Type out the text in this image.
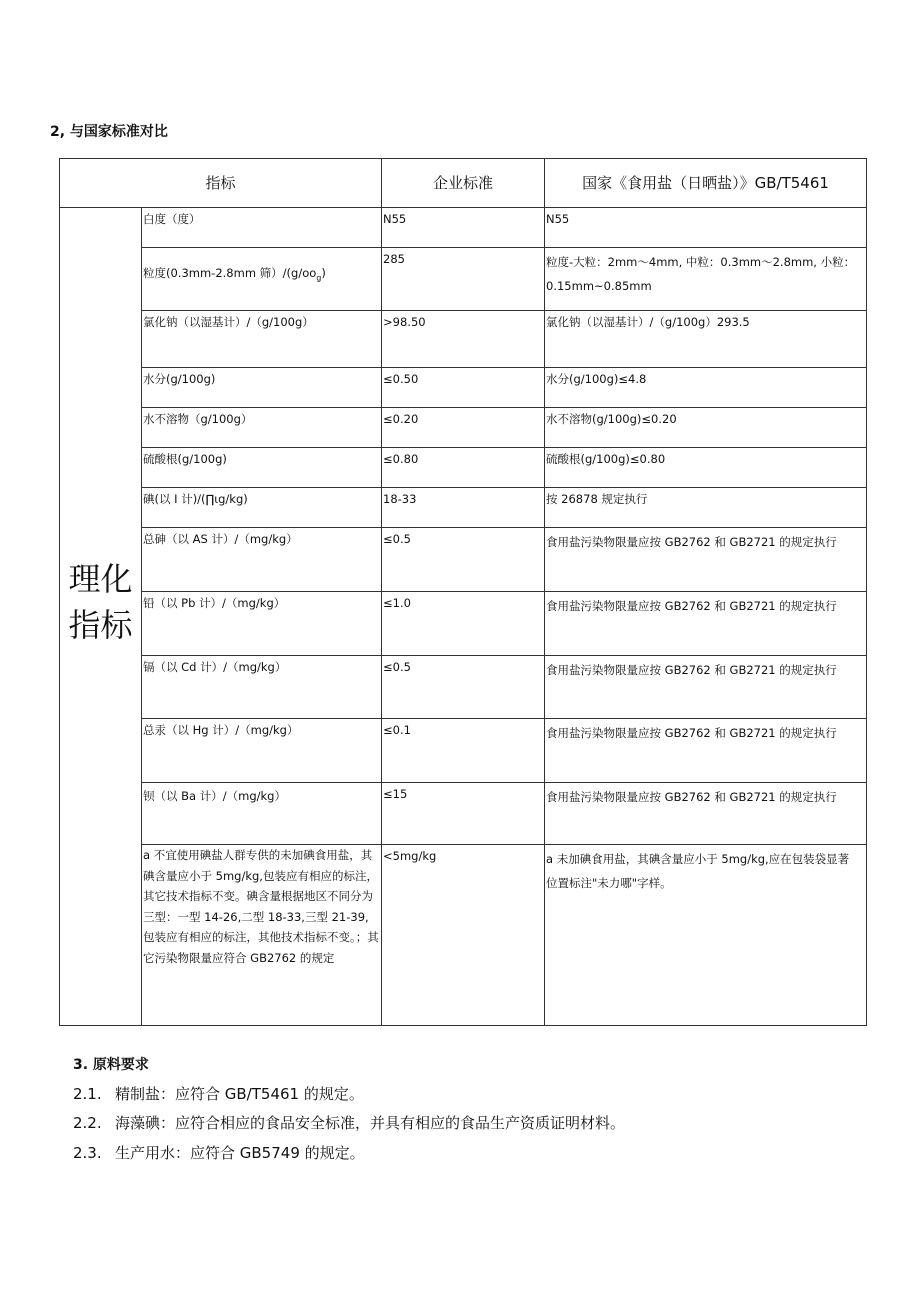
2, 与国家标准对比
指标		企业标准	国家《食用盐（日晒盐）》GB/T5461

理化
指标	白度（度）	N55	N55
	粒度(0.3mm-2.8mm 筛）$/(g∕oo_g)$	285	粒度-大粒：2mm～4mm, 中粒：0.3mm～2.8mm, 小粒：0.15mm~0.85mm

	氯化钠（以湿基计）/（g∕100g）	>98.50	氯化钠（以湿基计）/（g∕100g）293.5
	水分(g∕100g)	≤0.50	水分(g∕100g)≤4.8
	水不溶物（g∕100g）	≤0.20	水不溶物(g∕100g)≤0.20
	硫酸根(g∕100g)	≤0.80	硫酸根(g∕100g)≤0.80
	碘(以 I 计)/(∏ιg∕kg)	18-33	按 26878 规定执行
	总砷（以 AS 计）/（mg∕kg）	≤0.5	食用盐污染物限量应按 GB2762 和 GB2721 的规定执行

	铅（以 Pb 计）/（mg∕kg）	≤1.0	食用盐污染物限量应按 GB2762 和 GB2721 的规定执行

	镉（以 Cd 计）/（mg∕kg）	≤0.5	食用盐污染物限量应按 GB2762 和 GB2721 的规定执行

	总汞（以 Hg 计）/（mg∕kg）	≤0.1	食用盐污染物限量应按 GB2762 和 GB2721 的规定执行

	钡（以 Ba 计）/（mg∕kg）	≤15	食用盐污染物限量应按 GB2762 和 GB2721 的规定执行

	a 不宜使用碘盐人群专供的未加碘食用盐，其碘含量应小于 5mg∕kg,包装应有相应的标注，其它技术指标不变。碘含量根据地区不同分为三型：一型 14-26,二型 18-33,三型 21-39,包装应有相应的标注，其他技术指标不变。；其它污染物限量应符合 GB2762 的规定	<5mg/kg	a 未加碘食用盐，其碘含量应小于 5mg/kg,应在包装袋显著位置标注"未力哪"字样。
3. 原料要求
2.1. 精制盐：应符合 GB/T5461 的规定。
2.2. 海藻碘：应符合相应的食品安全标准，并具有相应的食品生产资质证明材料。
2.3. 生产用水：应符合 GB5749 的规定。
